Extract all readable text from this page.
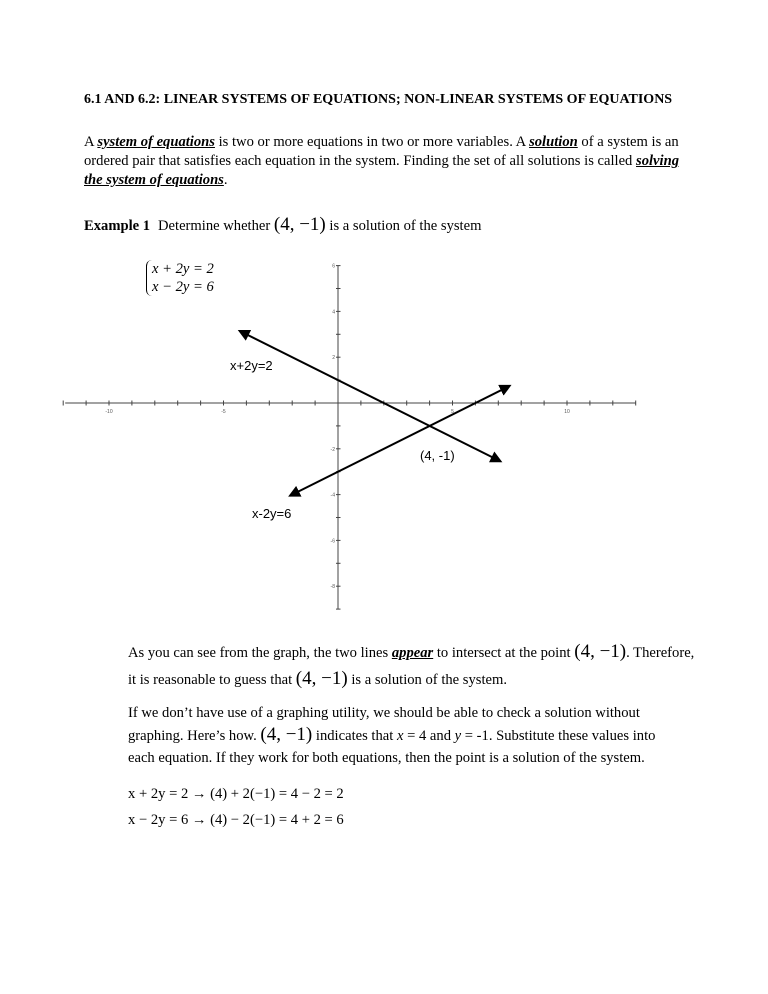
6.1 AND 6.2: LINEAR SYSTEMS OF EQUATIONS; NON-LINEAR SYSTEMS OF EQUATIONS
A system of equations is two or more equations in two or more variables. A solution of a system is an ordered pair that satisfies each equation in the system. Finding the set of all solutions is called solving the system of equations.
Example 1 Determine whether (4, −1) is a solution of the system
x + 2y = 2
x − 2y = 6
-10	-5	5	10
6
4
2
-2
-4
-6
-8
x+2y=2
(4, -1)
x-2y=6
As you can see from the graph, the two lines appear to intersect at the point (4, −1). Therefore,
it is reasonable to guess that (4, −1) is a solution of the system.
If we don’t have use of a graphing utility, we should be able to check a solution without
graphing. Here’s how. (4, −1) indicates that x = 4 and y = -1. Substitute these values into
each equation. If they work for both equations, then the point is a solution of the system.
x + 2y = 2 → (4) + 2(−1) = 4 − 2 = 2
x − 2y = 6 → (4) − 2(−1) = 4 + 2 = 6
